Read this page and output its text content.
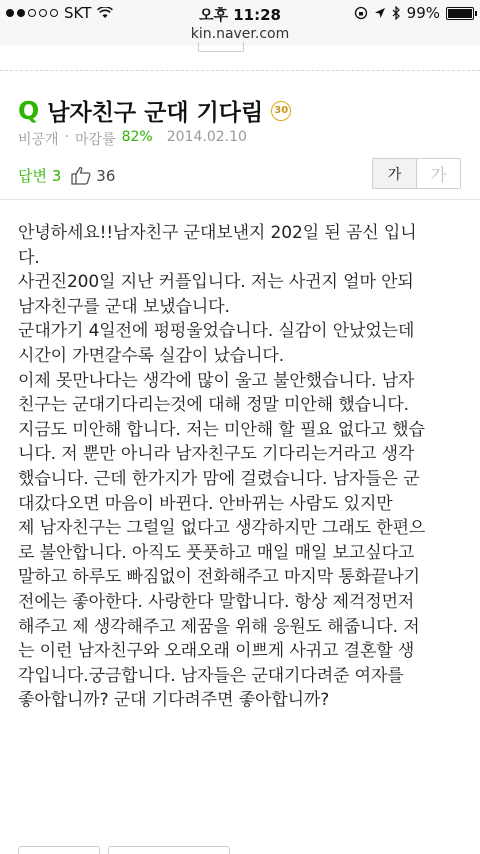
SKT	오후 11:28	99%
kin.naver.com
Q 남자친구 군대 기다림	30
비공개 · 마감률 82% 2014.02.10
답변 3 36	가	가
안녕하세요!!남자친구 군대보낸지 202일 된 곰신 입니
다.
사귄진200일 지난 커플입니다. 저는 사귄지 얼마 안되
남자친구를 군대 보냈습니다.
군대가기 4일전에 펑펑울었습니다. 실감이 안났었는데
시간이 가면갈수록 실감이 났습니다.
이제 못만나다는 생각에 많이 울고 불안했습니다. 남자
친구는 군대기다리는것에 대해 정말 미안해 했습니다.
지금도 미안해 합니다. 저는 미안해 할 필요 없다고 했습
니다. 저 뿐만 아니라 남자친구도 기다리는거라고 생각
했습니다. 근데 한가지가 맘에 걸렸습니다. 남자들은 군
대갔다오면 마음이 바뀐다. 안바뀌는 사람도 있지만
제 남자친구는 그럴일 없다고 생각하지만 그래도 한편으
로 불안합니다. 아직도 풋풋하고 매일 매일 보고싶다고
말하고 하루도 빠짐없이 전화해주고 마지막 통화끝나기
전에는 좋아한다. 사랑한다 말합니다. 항상 제걱정먼저
해주고 제 생각해주고 제꿈을 위해 응원도 해줍니다. 저
는 이런 남자친구와 오래오래 이쁘게 사귀고 결혼할 생
각입니다.궁금합니다. 남자들은 군대기다려준 여자를
좋아합니까? 군대 기다려주면 좋아합니까?
